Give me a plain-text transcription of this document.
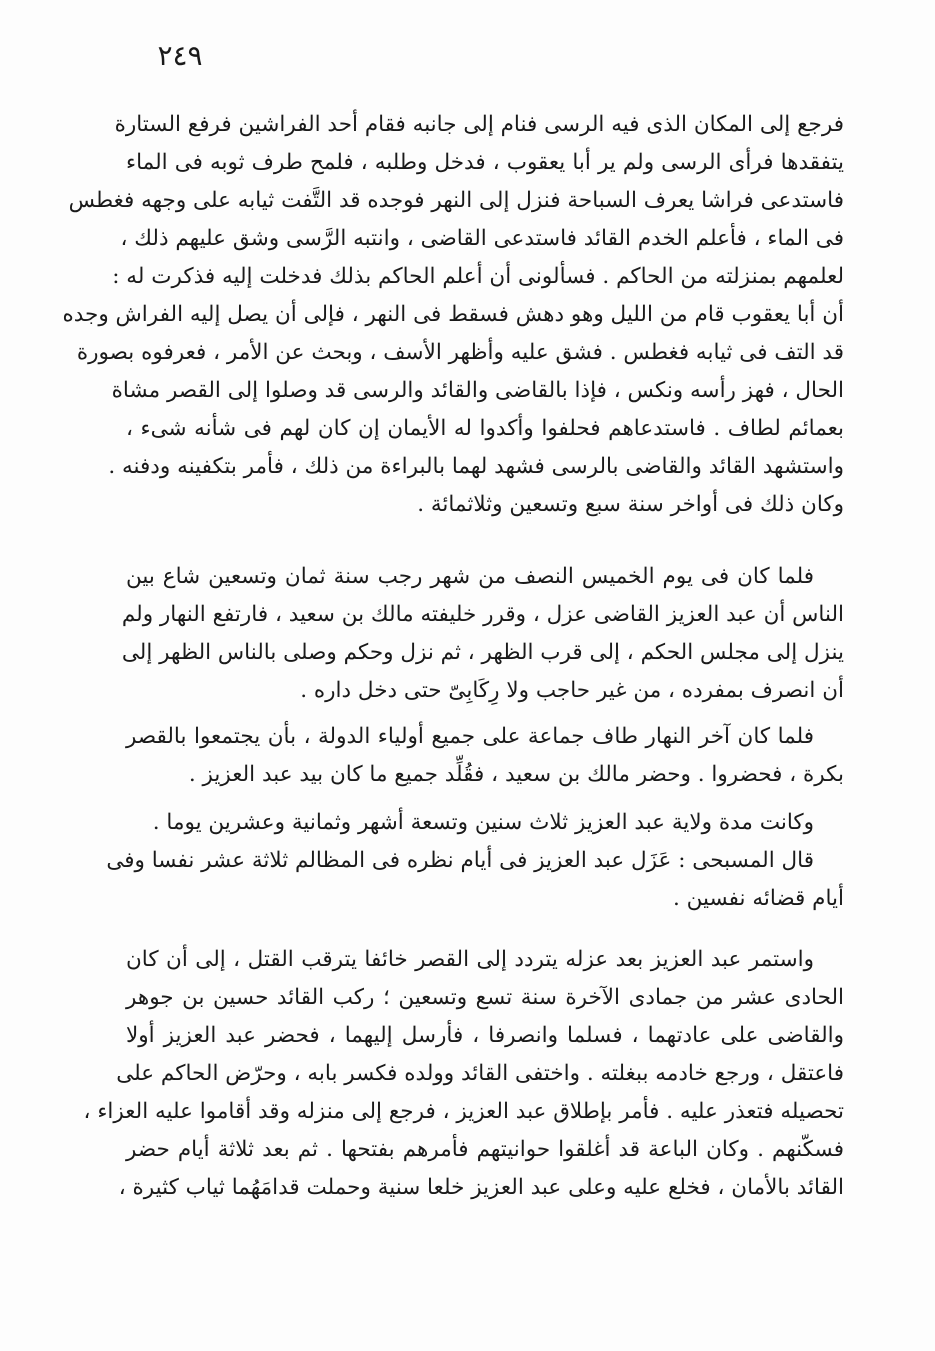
٢٤٩
فرجع إلى المكان الذى فيه الرسى فنام إلى جانبه فقام أحد الفراشين فرفع الستارة
يتفقدها فرأى الرسى ولم ير أبا يعقوب ، فدخل وطلبه ، فلمح طرف ثوبه فى الماء
فاستدعى فراشا يعرف السباحة فنزل إلى النهر فوجده قد التَّفت ثيابه على وجهه فغطس
فى الماء ، فأعلم الخدم القائد فاستدعى القاضى ، وانتبه الرَّسى وشق عليهم ذلك ،
لعلمهم بمنزلته من الحاكم . فسألونى أن أعلم الحاكم بذلك فدخلت إليه فذكرت له :
أن أبا يعقوب قام من الليل وهو دهش فسقط فى النهر ، فإلى أن يصل إليه الفراش وجده
قد التف فى ثيابه فغطس . فشق عليه وأظهر الأسف ، وبحث عن الأمر ، فعرفوه بصورة
الحال ، فهز رأسه ونكس ، فإذا بالقاضى والقائد والرسى قد وصلوا إلى القصر مشاة
بعمائم لطاف . فاستدعاهم فحلفوا وأكدوا له الأيمان إن كان لهم فى شأنه شىء ،
واستشهد القائد والقاضى بالرسى فشهد لهما بالبراءة من ذلك ، فأمر بتكفينه ودفنه .
وكان ذلك فى أواخر سنة سبع وتسعين وثلاثمائة .
فلما كان فى يوم الخميس النصف من شهر رجب سنة ثمان وتسعين شاع بين
الناس أن عبد العزيز القاضى عزل ، وقرر خليفته مالك بن سعيد ، فارتفع النهار ولم
ينزل إلى مجلس الحكم ، إلى قرب الظهر ، ثم نزل وحكم وصلى بالناس الظهر إلى
أن انصرف بمفرده ، من غير حاجب ولا رِكَابِىّ حتى دخل داره .
فلما كان آخر النهار طاف جماعة على جميع أولياء الدولة ، بأن يجتمعوا بالقصر
بكرة ، فحضروا . وحضر مالك بن سعيد ، فقُلِّد جميع ما كان بيد عبد العزيز .
وكانت مدة ولاية عبد العزيز ثلاث سنين وتسعة أشهر وثمانية وعشرين يوما .
قال المسبحى : عَزَل عبد العزيز فى أيام نظره فى المظالم ثلاثة عشر نفسا وفى
أيام قضائه نفسين .
واستمر عبد العزيز بعد عزله يتردد إلى القصر خائفا يترقب القتل ، إلى أن كان
الحادى عشر من جمادى الآخرة سنة تسع وتسعين ؛ ركب القائد حسين بن جوهر
والقاضى على عادتهما ، فسلما وانصرفا ، فأرسل إليهما ، فحضر عبد العزيز أولا
فاعتقل ، ورجع خادمه ببغلته . واختفى القائد وولده فكسر بابه ، وحرّض الحاكم على
تحصيله فتعذر عليه . فأمر بإطلاق عبد العزيز ، فرجع إلى منزله وقد أقاموا عليه العزاء ،
فسكّنهم . وكان الباعة قد أغلقوا حوانيتهم فأمرهم بفتحها . ثم بعد ثلاثة أيام حضر
القائد بالأمان ، فخلع عليه وعلى عبد العزيز خلعا سنية وحملت قدامَهُما ثياب كثيرة ،
